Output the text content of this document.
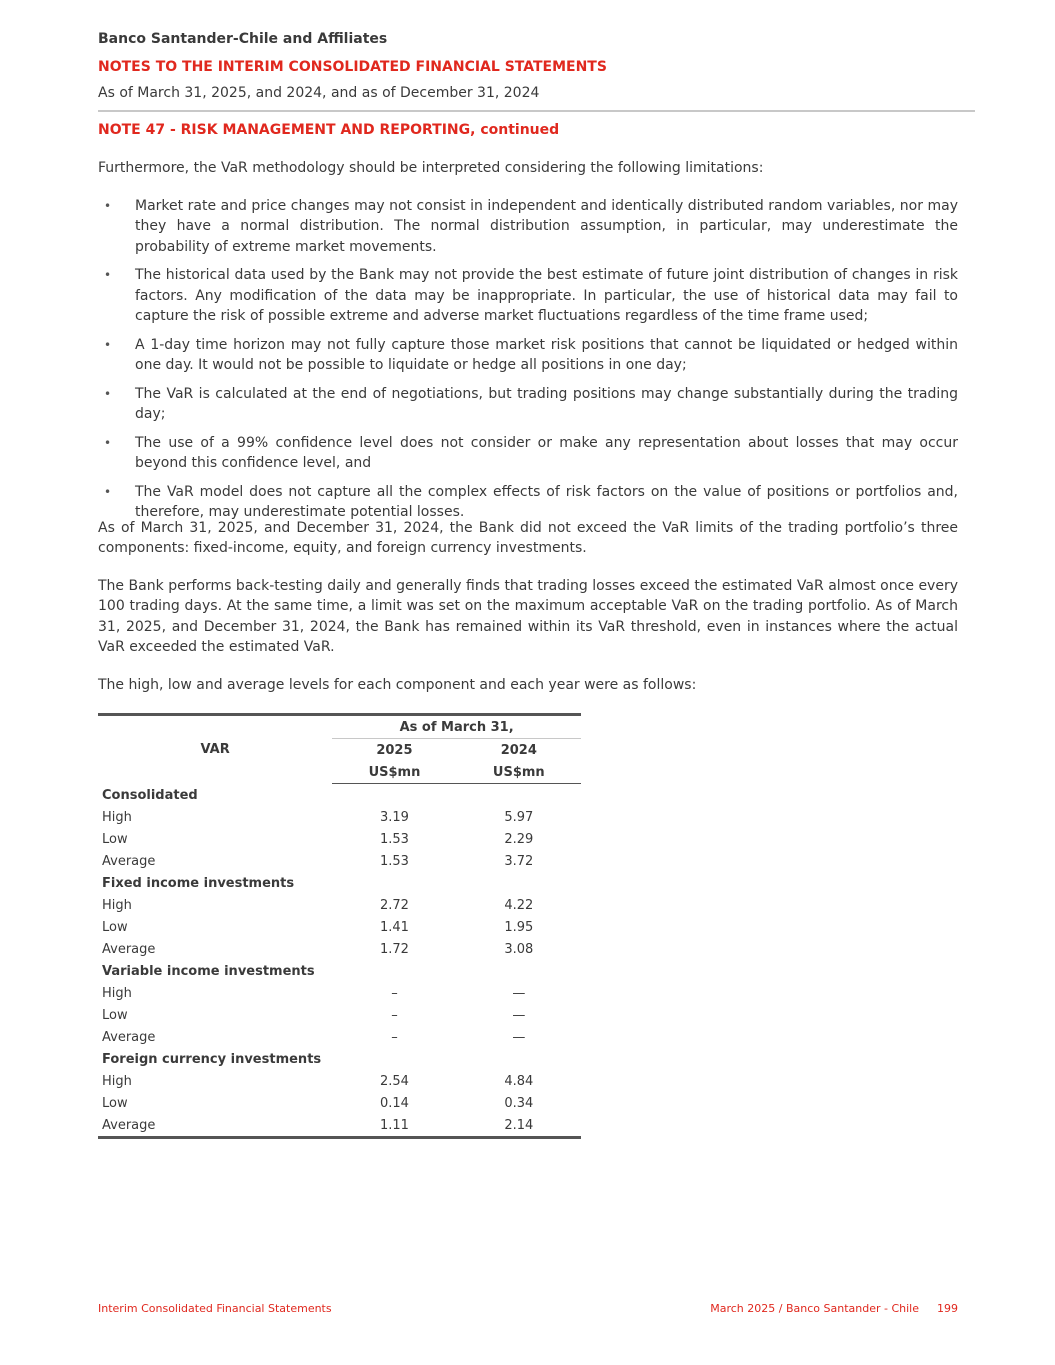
Banco Santander-Chile and Affiliates
NOTES TO THE INTERIM CONSOLIDATED FINANCIAL STATEMENTS
As of March 31, 2025, and 2024, and as of December 31, 2024
NOTE 47 - RISK MANAGEMENT AND REPORTING, continued
Furthermore, the VaR methodology should be interpreted considering the following limitations:
• Market rate and price changes may not consist in independent and identically distributed random variables, nor may they have a normal distribution. The normal distribution assumption, in particular, may underestimate the probability of extreme market movements.
• The historical data used by the Bank may not provide the best estimate of future joint distribution of changes in risk factors. Any modification of the data may be inappropriate. In particular, the use of historical data may fail to capture the risk of possible extreme and adverse market fluctuations regardless of the time frame used;
• A 1-day time horizon may not fully capture those market risk positions that cannot be liquidated or hedged within one day. It would not be possible to liquidate or hedge all positions in one day;
• The VaR is calculated at the end of negotiations, but trading positions may change substantially during the trading day;
• The use of a 99% confidence level does not consider or make any representation about losses that may occur beyond this confidence level, and
• The VaR model does not capture all the complex effects of risk factors on the value of positions or portfolios and, therefore, may underestimate potential losses.
As of March 31, 2025, and December 31, 2024, the Bank did not exceed the VaR limits of the trading portfolio’s three components: fixed-income, equity, and foreign currency investments.
The Bank performs back-testing daily and generally finds that trading losses exceed the estimated VaR almost once every 100 trading days. At the same time, a limit was set on the maximum acceptable VaR on the trading portfolio. As of March 31, 2025, and December 31, 2024, the Bank has remained within its VaR threshold, even in instances where the actual VaR exceeded the estimated VaR.
The high, low and average levels for each component and each year were as follows:

VAR	As of March 31,	
	2025	2024
	US$mn	US$mn
Consolidated		
High	3.19	5.97
Low	1.53	2.29
Average	1.53	3.72
Fixed income investments		
High	2.72	4.22
Low	1.41	1.95
Average	1.72	3.08
Variable income investments		
High	–	—
Low	–	—
Average	–	—
Foreign currency investments		
High	2.54	4.84
Low	0.14	0.34
Average	1.11	2.14
Interim Consolidated Financial Statements	March 2025 / Banco Santander - Chile 199
